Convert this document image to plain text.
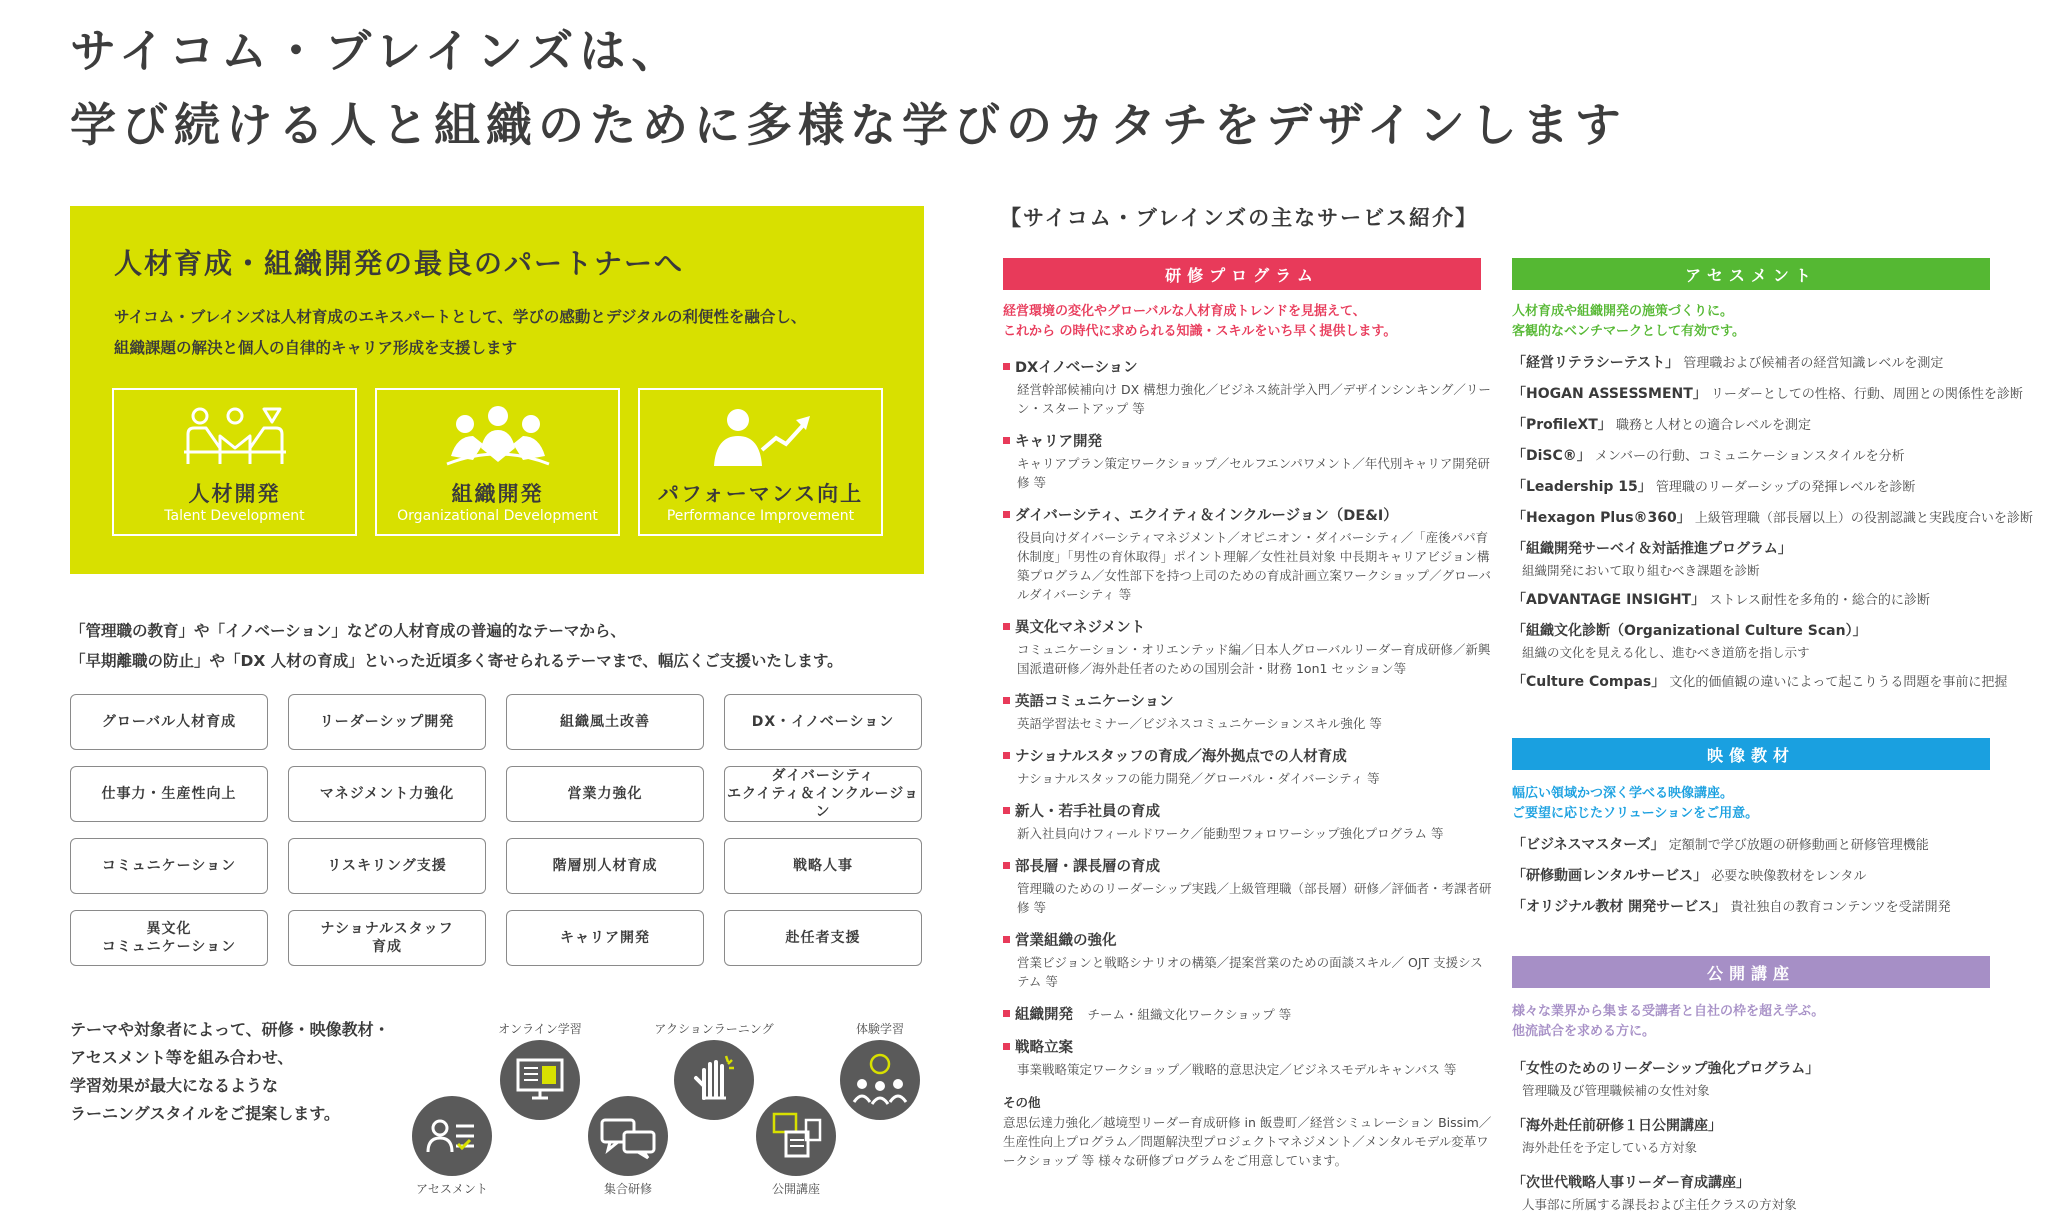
サイコム・ブレインズは、
学び続ける人と組織のために多様な学びのカタチをデザインします
人材育成・組織開発の最良のパートナーへ
サイコム・ブレインズは人材育成のエキスパートとして、学びの感動とデジタルの利便性を融合し、
組織課題の解決と個人の自律的キャリア形成を支援します
人材開発
Talent Development
組織開発
Organizational Development
パフォーマンス向上
Performance Improvement
「管理職の教育」や「イノベーション」などの人材育成の普遍的なテーマから、
「早期離職の防止」や「DX 人材の育成」といった近頃多く寄せられるテーマまで、幅広くご支援いたします。
グローバル人材育成	リーダーシップ開発	組織風土改善	DX・イノベーション
仕事力・生産性向上	マネジメント力強化	営業力強化
ダイバーシティ
エクイティ＆インクルージョン
コミュニケーション	リスキリング支援	階層別人材育成	戦略人事
異文化
コミュニケーション
ナショナルスタッフ
育成
キャリア開発	赴任者支援
テーマや対象者によって、研修・映像教材・
アセスメント等を組み合わせ、
学習効果が最大になるような
ラーニングスタイルをご提案します。
オンライン学習	アクションラーニング	体験学習
アセスメント	集合研修	公開講座
【サイコム・ブレインズの主なサービス紹介】
研修プログラム	アセスメント
経営環境の変化やグローバルな人材育成トレンドを見据えて、
これから の時代に求められる知識・スキルをいち早く提供します。
DXイノベーション
経営幹部候補向け DX 構想力強化／ビジネス統計学入門／デザインシンキング／リーン・スタートアップ 等
キャリア開発
キャリアプラン策定ワークショップ／セルフエンパワメント／年代別キャリア開発研修 等
ダイバーシティ、エクイティ＆インクルージョン（DE&I）
役員向けダイバーシティマネジメント／オピニオン・ダイバーシティ／「産後パパ育休制度」「男性の育休取得」ポイント理解／女性社員対象 中長期キャリアビジョン構築プログラム／女性部下を持つ上司のための育成計画立案ワークショップ／グローバルダイバーシティ 等
異文化マネジメント
コミュニケーション・オリエンテッド編／日本人グローバルリーダー育成研修／新興国派遣研修／海外赴任者のための国別会計・財務 1on1 セッション等
英語コミュニケーション
英語学習法セミナー／ビジネスコミュニケーションスキル強化 等
ナショナルスタッフの育成／海外拠点での人材育成
ナショナルスタッフの能力開発／グローバル・ダイバーシティ 等
新人・若手社員の育成
新入社員向けフィールドワーク／能動型フォロワーシップ強化プログラム 等
部長層・課長層の育成
管理職のためのリーダーシップ実践／上級管理職（部長層）研修／評価者・考課者研修 等
営業組織の強化
営業ビジョンと戦略シナリオの構築／提案営業のための面談スキル／ OJT 支援システム 等
組織開発　 チーム・組織文化ワークショップ 等
戦略立案
事業戦略策定ワークショップ／戦略的意思決定／ビジネスモデルキャンバス 等
その他
意思伝達力強化／越境型リーダー育成研修 in 飯豊町／経営シミュレーション Bissim／生産性向上プログラム／問題解決型プロジェクトマネジメント／メンタルモデル変革ワークショップ 等 様々な研修プログラムをご用意しています。
人材育成や組織開発の施策づくりに。
客観的なベンチマークとして有効です。
「経営リテラシーテスト」 管理職および候補者の経営知識レベルを測定
「HOGAN ASSESSMENT」 リーダーとしての性格、行動、周囲との関係性を診断
「ProfileXT」 職務と人材との適合レベルを測定
「DiSC®」 メンバーの行動、コミュニケーションスタイルを分析
「Leadership 15」 管理職のリーダーシップの発揮レベルを診断
「Hexagon Plus®360」 上級管理職（部長層以上）の役割認識と実践度合いを診断
「組織開発サーベイ＆対話推進プログラム」
組織開発において取り組むべき課題を診断
「ADVANTAGE INSIGHT」 ストレス耐性を多角的・総合的に診断
「組織文化診断（Organizational Culture Scan）」
組織の文化を見える化し、進むべき道筋を指し示す
「Culture Compas」 文化的価値観の違いによって起こりうる問題を事前に把握
映像教材
幅広い領域かつ深く学べる映像講座。
ご要望に応じたソリューションをご用意。
「ビジネスマスターズ」 定額制で学び放題の研修動画と研修管理機能
「研修動画レンタルサービス」 必要な映像教材をレンタル
「オリジナル教材 開発サービス」 貴社独自の教育コンテンツを受諾開発
公開講座
様々な業界から集まる受講者と自社の枠を超え学ぶ。
他流試合を求める方に。
「女性のためのリーダーシップ強化プログラム」
管理職及び管理職候補の女性対象
「海外赴任前研修１日公開講座」
海外赴任を予定している方対象
「次世代戦略人事リーダー育成講座」
人事部に所属する課長および主任クラスの方対象
